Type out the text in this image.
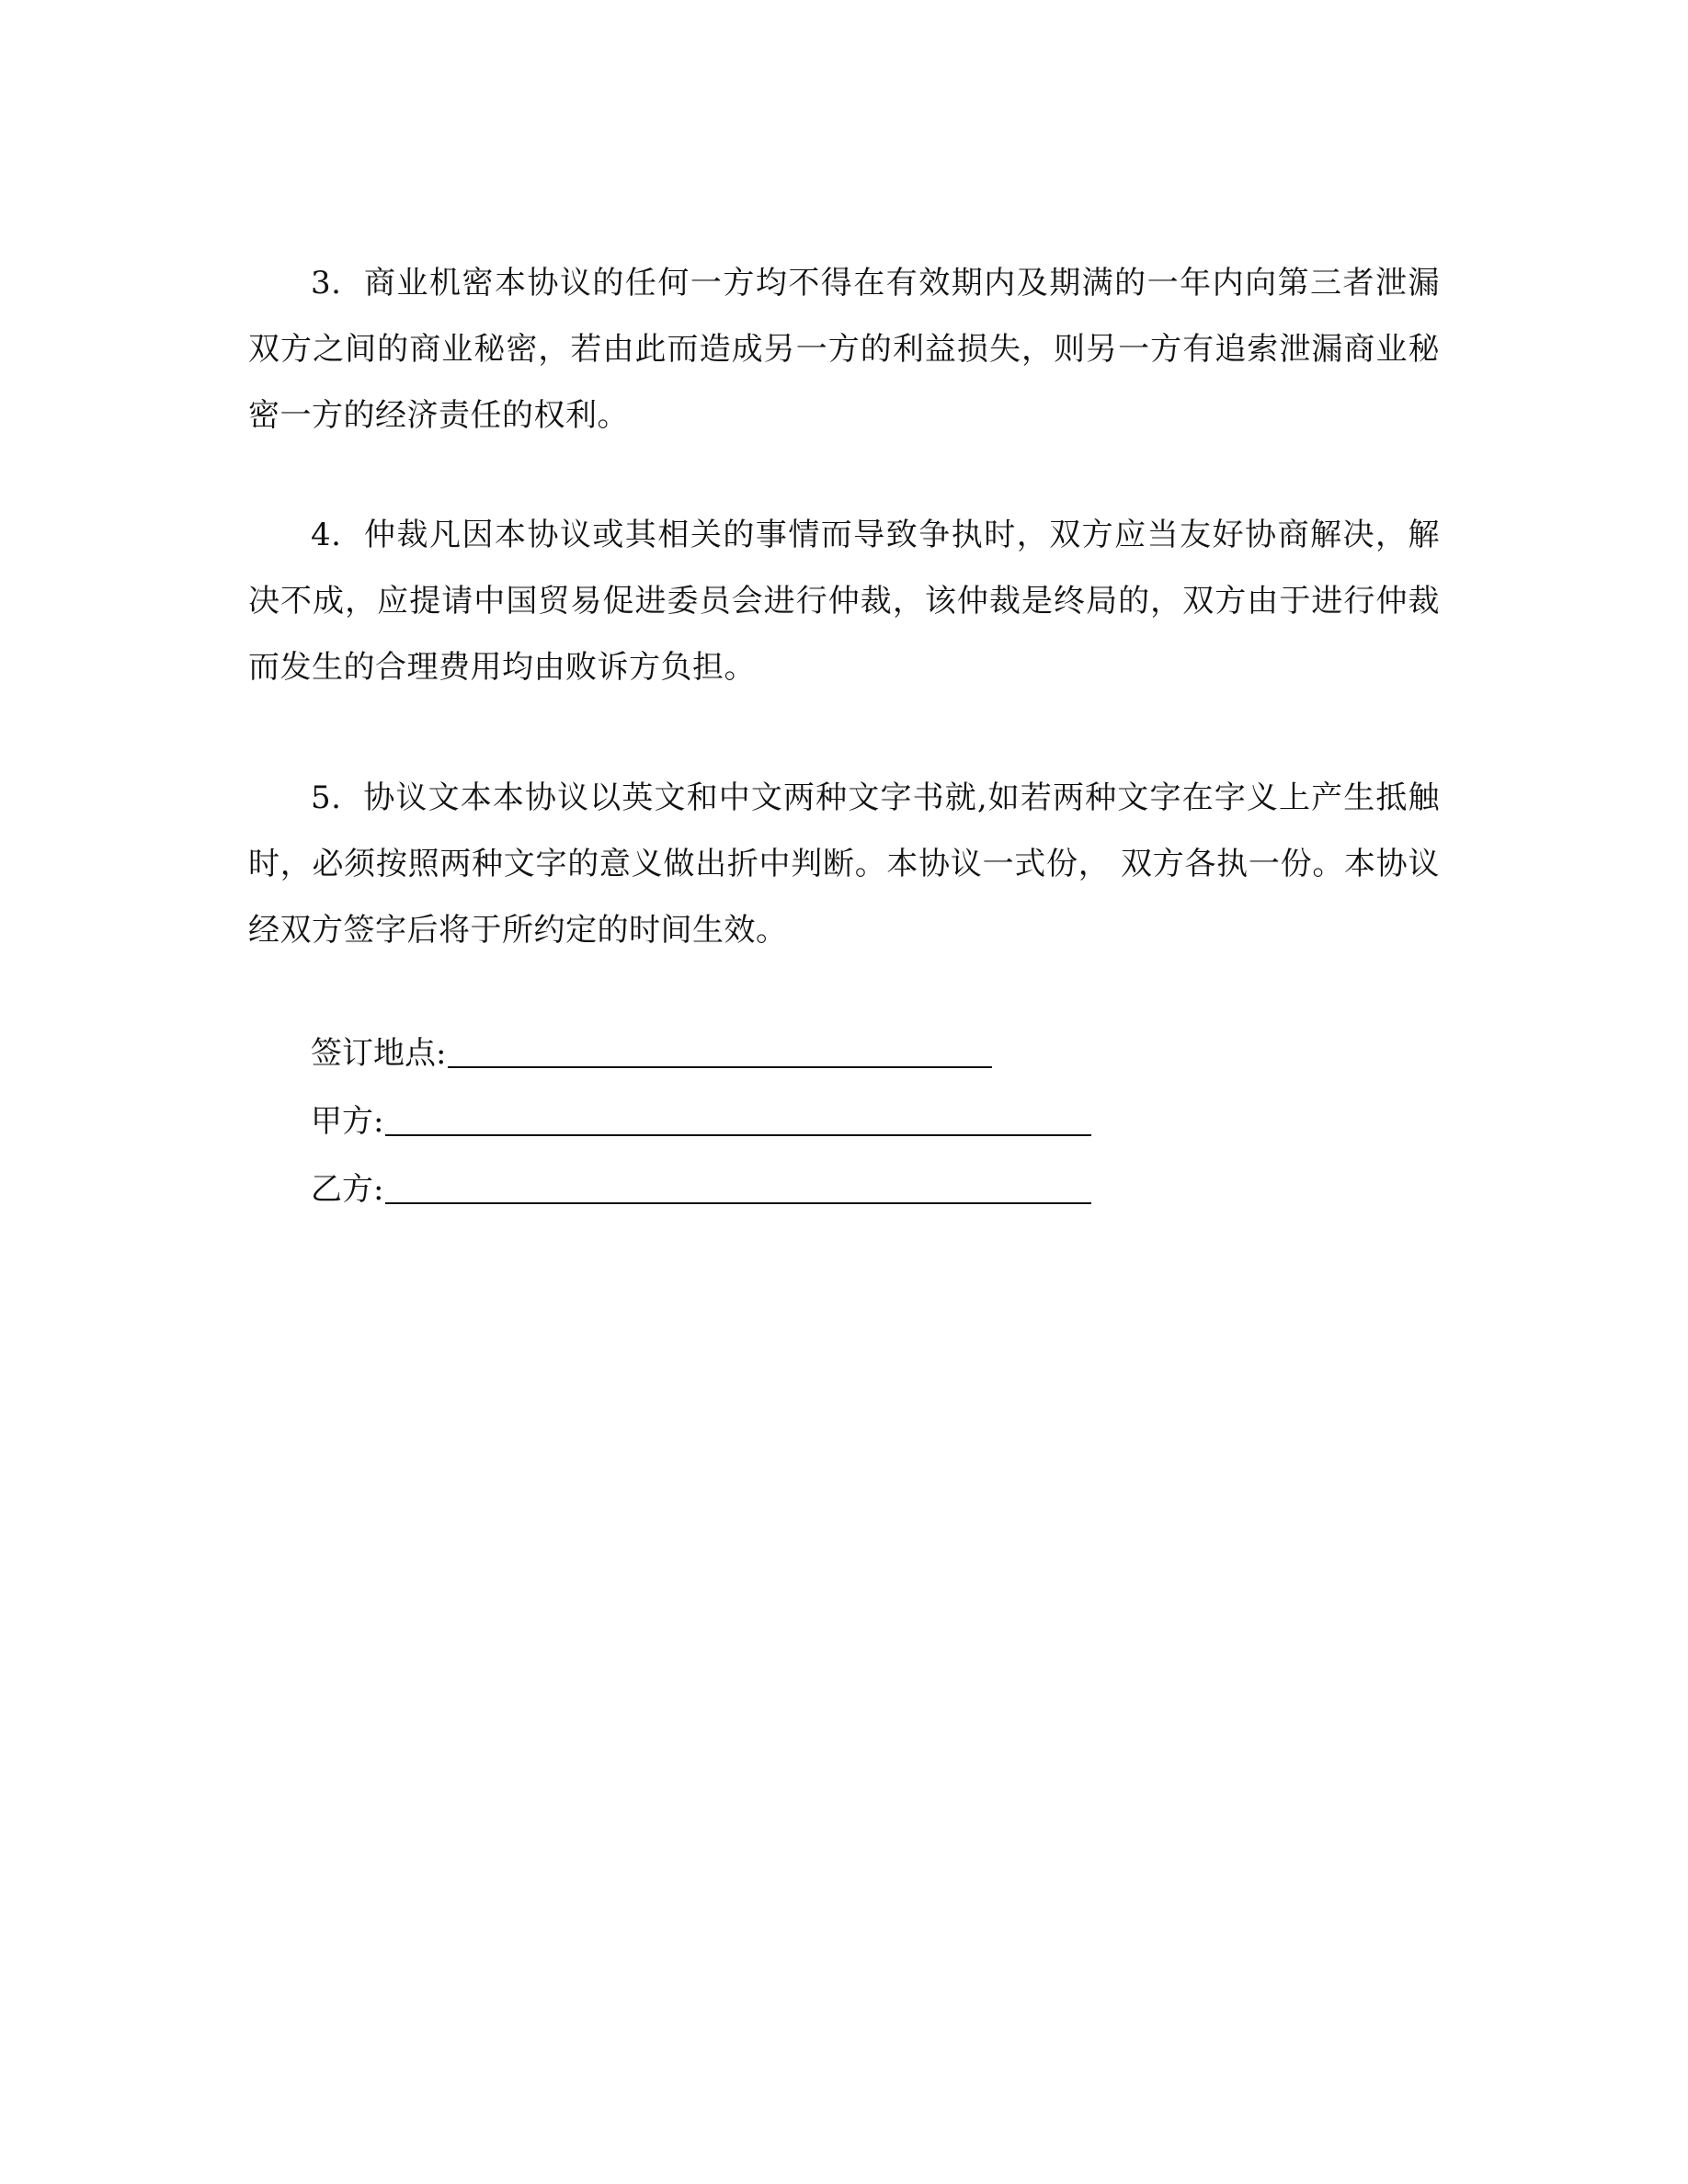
3. 商业机密本协议的任何一方均不得在有效期内及期满的一年内向第三者泄漏双方之间的商业秘密，若由此而造成另一方的利益损失，则另一方有追索泄漏商业秘密一方的经济责任的权利。

4. 仲裁凡因本协议或其相关的事情而导致争执时，双方应当友好协商解决，解决不成，应提请中国贸易促进委员会进行仲裁，该仲裁是终局的，双方由于进行仲裁而发生的合理费用均由败诉方负担。

5. 协议文本本协议以英文和中文两种文字书就,如若两种文字在字义上产生抵触时，必须按照两种文字的意义做出折中判断。本协议一式份， 双方各执一份。本协议经双方签字后将于所约定的时间生效。

签订地点:
甲方:
乙方:
